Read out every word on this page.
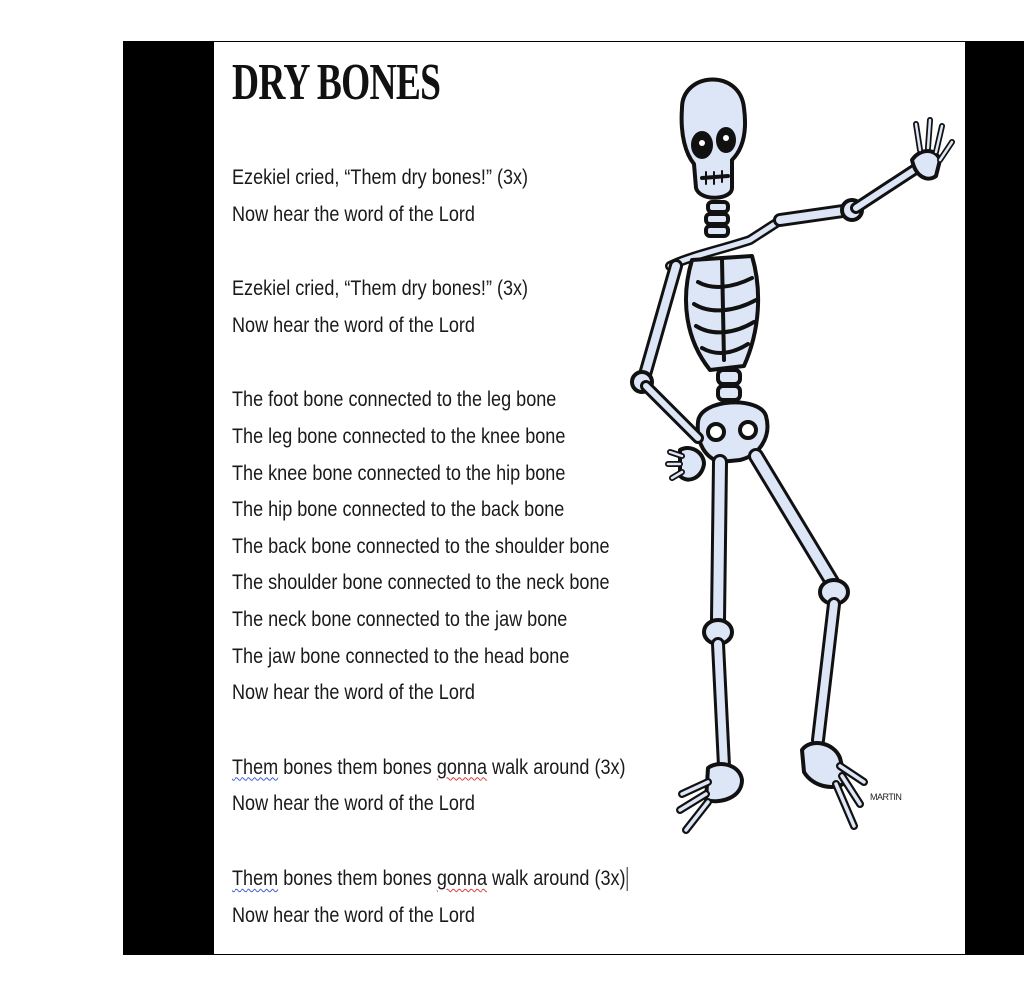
DRY BONES
Ezekiel cried, “Them dry bones!” (3x)
Now hear the word of the Lord
Ezekiel cried, “Them dry bones!” (3x)
Now hear the word of the Lord
The foot bone connected to the leg bone
The leg bone connected to the knee bone
The knee bone connected to the hip bone
The hip bone connected to the back bone
The back bone connected to the shoulder bone
The shoulder bone connected to the neck bone
The neck bone connected to the jaw bone
The jaw bone connected to the head bone
Now hear the word of the Lord
Them bones them bones gonna walk around (3x)
Now hear the word of the Lord
Them bones them bones gonna walk around (3x)
Now hear the word of the Lord
MARTIN
